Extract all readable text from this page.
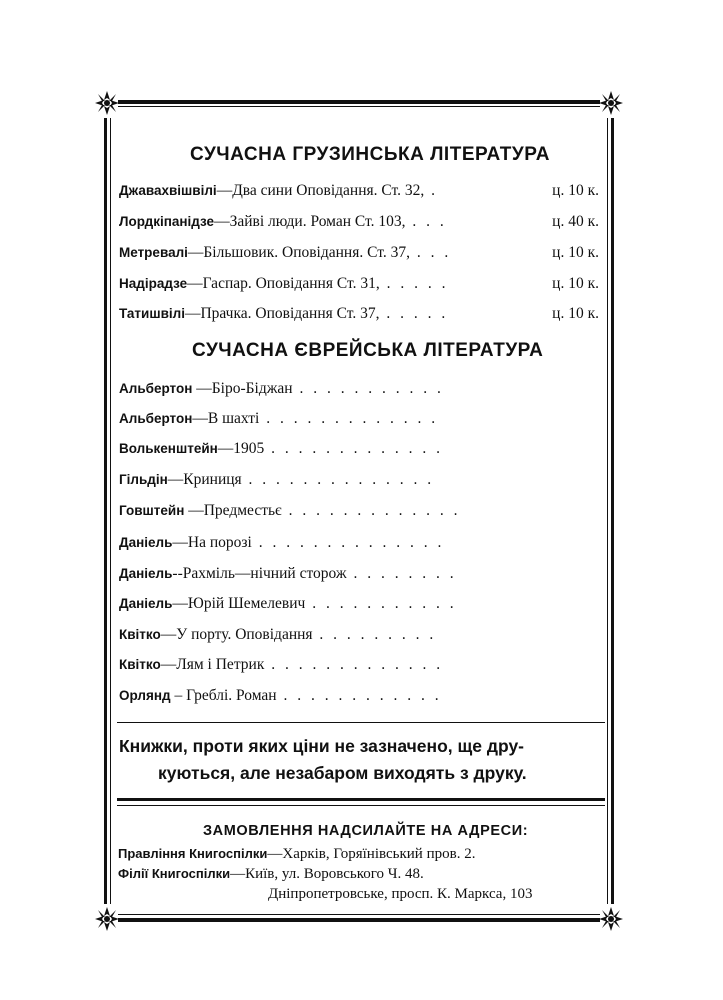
СУЧАСНА ГРУЗИНСЬКА ЛІТЕРАТУРА
Джавахвішвілі—Два сини Оповідання. Ст. 32, .	ц. 10 к.
Лордкіпанідзе—Зайві люди. Роман Ст. 103, . . .	ц. 40 к.
Метревалі—Більшовик. Оповідання. Ст. 37, . . .	ц. 10 к.
Надірадзе—Гаспар. Оповідання Ст. 31, . . . . .	ц. 10 к.
Татишвілі—Прачка. Оповідання Ст. 37, . . . . .	ц. 10 к.
СУЧАСНА ЄВРЕЙСЬКА ЛІТЕРАТУРА
Альбертон —Біро-Біджан . . . . . . . . . . .
Альбертон—В шахті . . . . . . . . . . . . .
Волькенштейн—1905 . . . . . . . . . . . . .
Гільдін—Криниця . . . . . . . . . . . . . .
Говштейн —Предместьє . . . . . . . . . . . . .
Даніель—На порозі . . . . . . . . . . . . . .
Даніель--Рахміль—нічний сторож . . . . . . . .
Даніель—Юрій Шемелевич . . . . . . . . . . .
Квітко—У порту. Оповідання . . . . . . . . .
Квітко—Лям і Петрик . . . . . . . . . . . . .
Орлянд – Греблі. Роман . . . . . . . . . . . .
Книжки, проти яких ціни не зазначено, ще дру-
куються, але незабаром виходять з друку.
ЗАМОВЛЕННЯ НАДСИЛАЙТЕ НА АДРЕСИ:
Правління Книгоспілки—Харків, Горяїнівський пров. 2.
Філії Книгоспілки—Київ, ул. Воровського Ч. 48.
Дніпропетровське, просп. К. Маркса, 103
